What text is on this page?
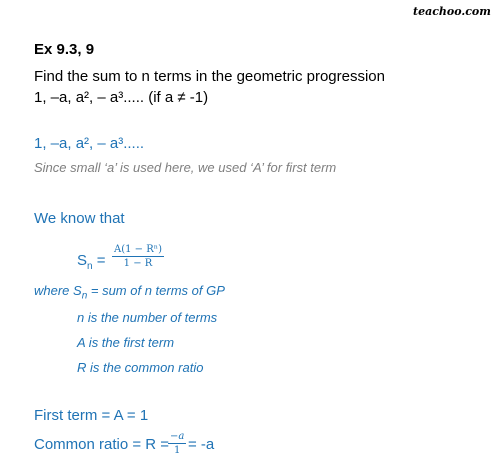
teachoo.com
Ex 9.3, 9
Find the sum to n terms in the geometric progression
1, –a, a², – a³..... (if a ≠ -1)
1, –a, a², – a³.....
Since small ‘a’ is used here, we used ‘A’ for first term
We know that
$S_n$ =
A(1 − Rⁿ)
1 − R
where $S_n$ = sum of n terms of GP
n is the number of terms
A is the first term
R is the common ratio
First term = A = 1
Common ratio = R = −a
1 = -a
